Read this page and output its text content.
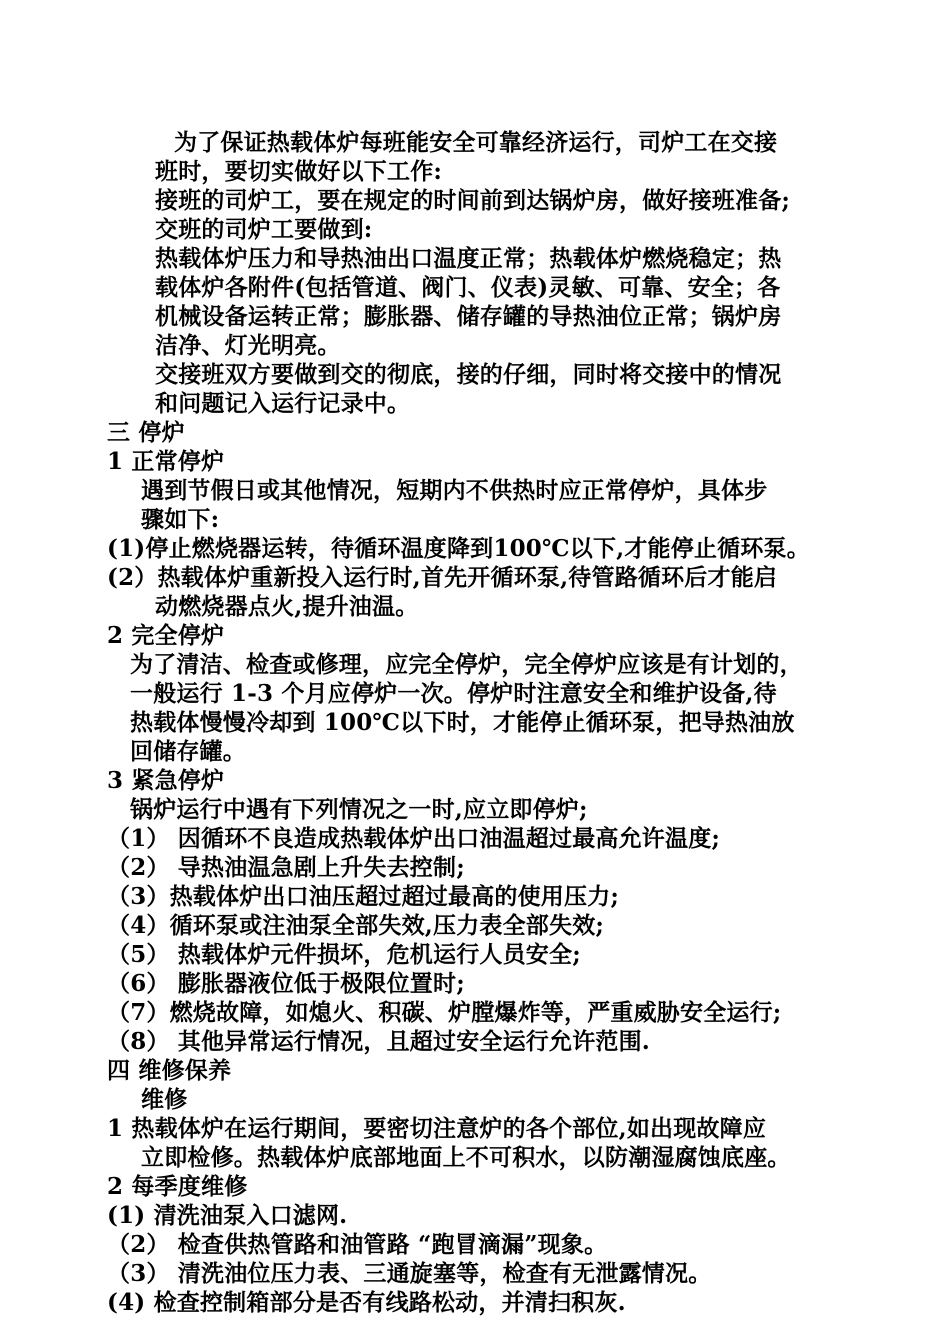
为了保证热载体炉每班能安全可靠经济运行，司炉工在交接
班时，要切实做好以下工作:
接班的司炉工，要在规定的时间前到达锅炉房，做好接班准备;
交班的司炉工要做到:
热载体炉压力和导热油出口温度正常；热载体炉燃烧稳定；热
载体炉各附件(包括管道、阀门、仪表)灵敏、可靠、安全；各
机械设备运转正常；膨胀器、储存罐的导热油位正常；锅炉房
洁净、灯光明亮。
交接班双方要做到交的彻底，接的仔细，同时将交接中的情况
和问题记入运行记录中。
三 停炉
1 正常停炉
遇到节假日或其他情况，短期内不供热时应正常停炉，具体步
骤如下:
(1)停止燃烧器运转，待循环温度降到100℃以下,才能停止循环泵。
(2）热载体炉重新投入运行时,首先开循环泵,待管路循环后才能启
动燃烧器点火,提升油温。
2 完全停炉
为了清洁、检查或修理，应完全停炉，完全停炉应该是有计划的，
一般运行 1-3 个月应停炉一次。停炉时注意安全和维护设备,待
热载体慢慢冷却到 100℃以下时，才能停止循环泵，把导热油放
回储存罐。
3 紧急停炉
锅炉运行中遇有下列情况之一时,应立即停炉;
（1） 因循环不良造成热载体炉出口油温超过最高允许温度;
（2） 导热油温急剧上升失去控制;
（3）热载体炉出口油压超过超过最高的使用压力;
（4）循环泵或注油泵全部失效,压力表全部失效;
（5） 热载体炉元件损坏，危机运行人员安全;
（6） 膨胀器液位低于极限位置时;
（7）燃烧故障，如熄火、积碳、炉膛爆炸等，严重威胁安全运行;
（8） 其他异常运行情况，且超过安全运行允许范围.
四 维修保养
维修
1 热载体炉在运行期间，要密切注意炉的各个部位,如出现故障应
立即检修。热载体炉底部地面上不可积水，以防潮湿腐蚀底座。
2 每季度维修
(1) 清洗油泵入口滤网.
（2） 检查供热管路和油管路 “跑冒滴漏”现象。
（3） 清洗油位压力表、三通旋塞等，检查有无泄露情况。
(4) 检查控制箱部分是否有线路松动，并清扫积灰.
